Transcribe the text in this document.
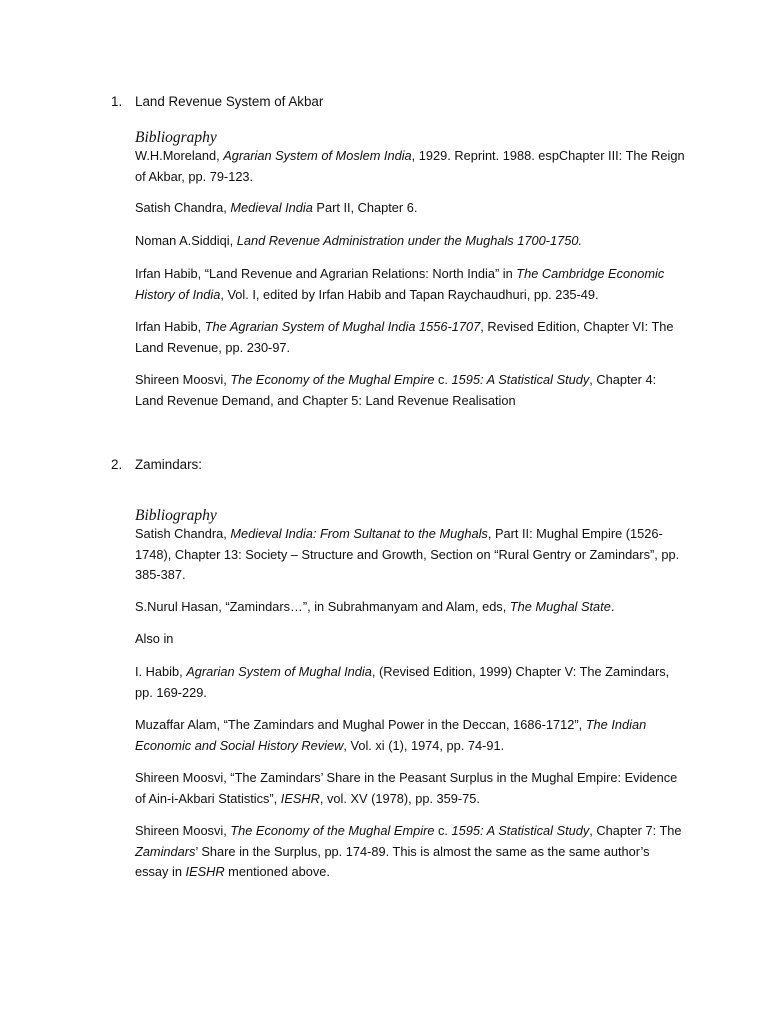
1. Land Revenue System of Akbar
Bibliography
W.H.Moreland, Agrarian System of Moslem India, 1929. Reprint. 1988. espChapter III: The Reign of Akbar, pp. 79-123.
Satish Chandra, Medieval India Part II, Chapter 6.
Noman A.Siddiqi, Land Revenue Administration under the Mughals 1700-1750.
Irfan Habib, “Land Revenue and Agrarian Relations: North India” in The Cambridge Economic History of India, Vol. I, edited by Irfan Habib and Tapan Raychaudhuri, pp. 235-49.
Irfan Habib, The Agrarian System of Mughal India 1556-1707, Revised Edition, Chapter VI: The Land Revenue, pp. 230-97.
Shireen Moosvi, The Economy of the Mughal Empire c. 1595: A Statistical Study, Chapter 4: Land Revenue Demand, and Chapter 5: Land Revenue Realisation
2. Zamindars:
Bibliography
Satish Chandra, Medieval India: From Sultanat to the Mughals, Part II: Mughal Empire (1526-1748), Chapter 13: Society – Structure and Growth, Section on “Rural Gentry or Zamindars”, pp. 385-387.
S.Nurul Hasan, “Zamindars…”, in Subrahmanyam and Alam, eds, The Mughal State.
Also in
I. Habib, Agrarian System of Mughal India, (Revised Edition, 1999) Chapter V: The Zamindars, pp. 169-229.
Muzaffar Alam, “The Zamindars and Mughal Power in the Deccan, 1686-1712”, The Indian Economic and Social History Review, Vol. xi (1), 1974, pp. 74-91.
Shireen Moosvi, “The Zamindars’ Share in the Peasant Surplus in the Mughal Empire: Evidence of Ain-i-Akbari Statistics”, IESHR, vol. XV (1978), pp. 359-75.
Shireen Moosvi, The Economy of the Mughal Empire c. 1595: A Statistical Study, Chapter 7: The Zamindars’ Share in the Surplus, pp. 174-89. This is almost the same as the same author’s essay in IESHR mentioned above.
